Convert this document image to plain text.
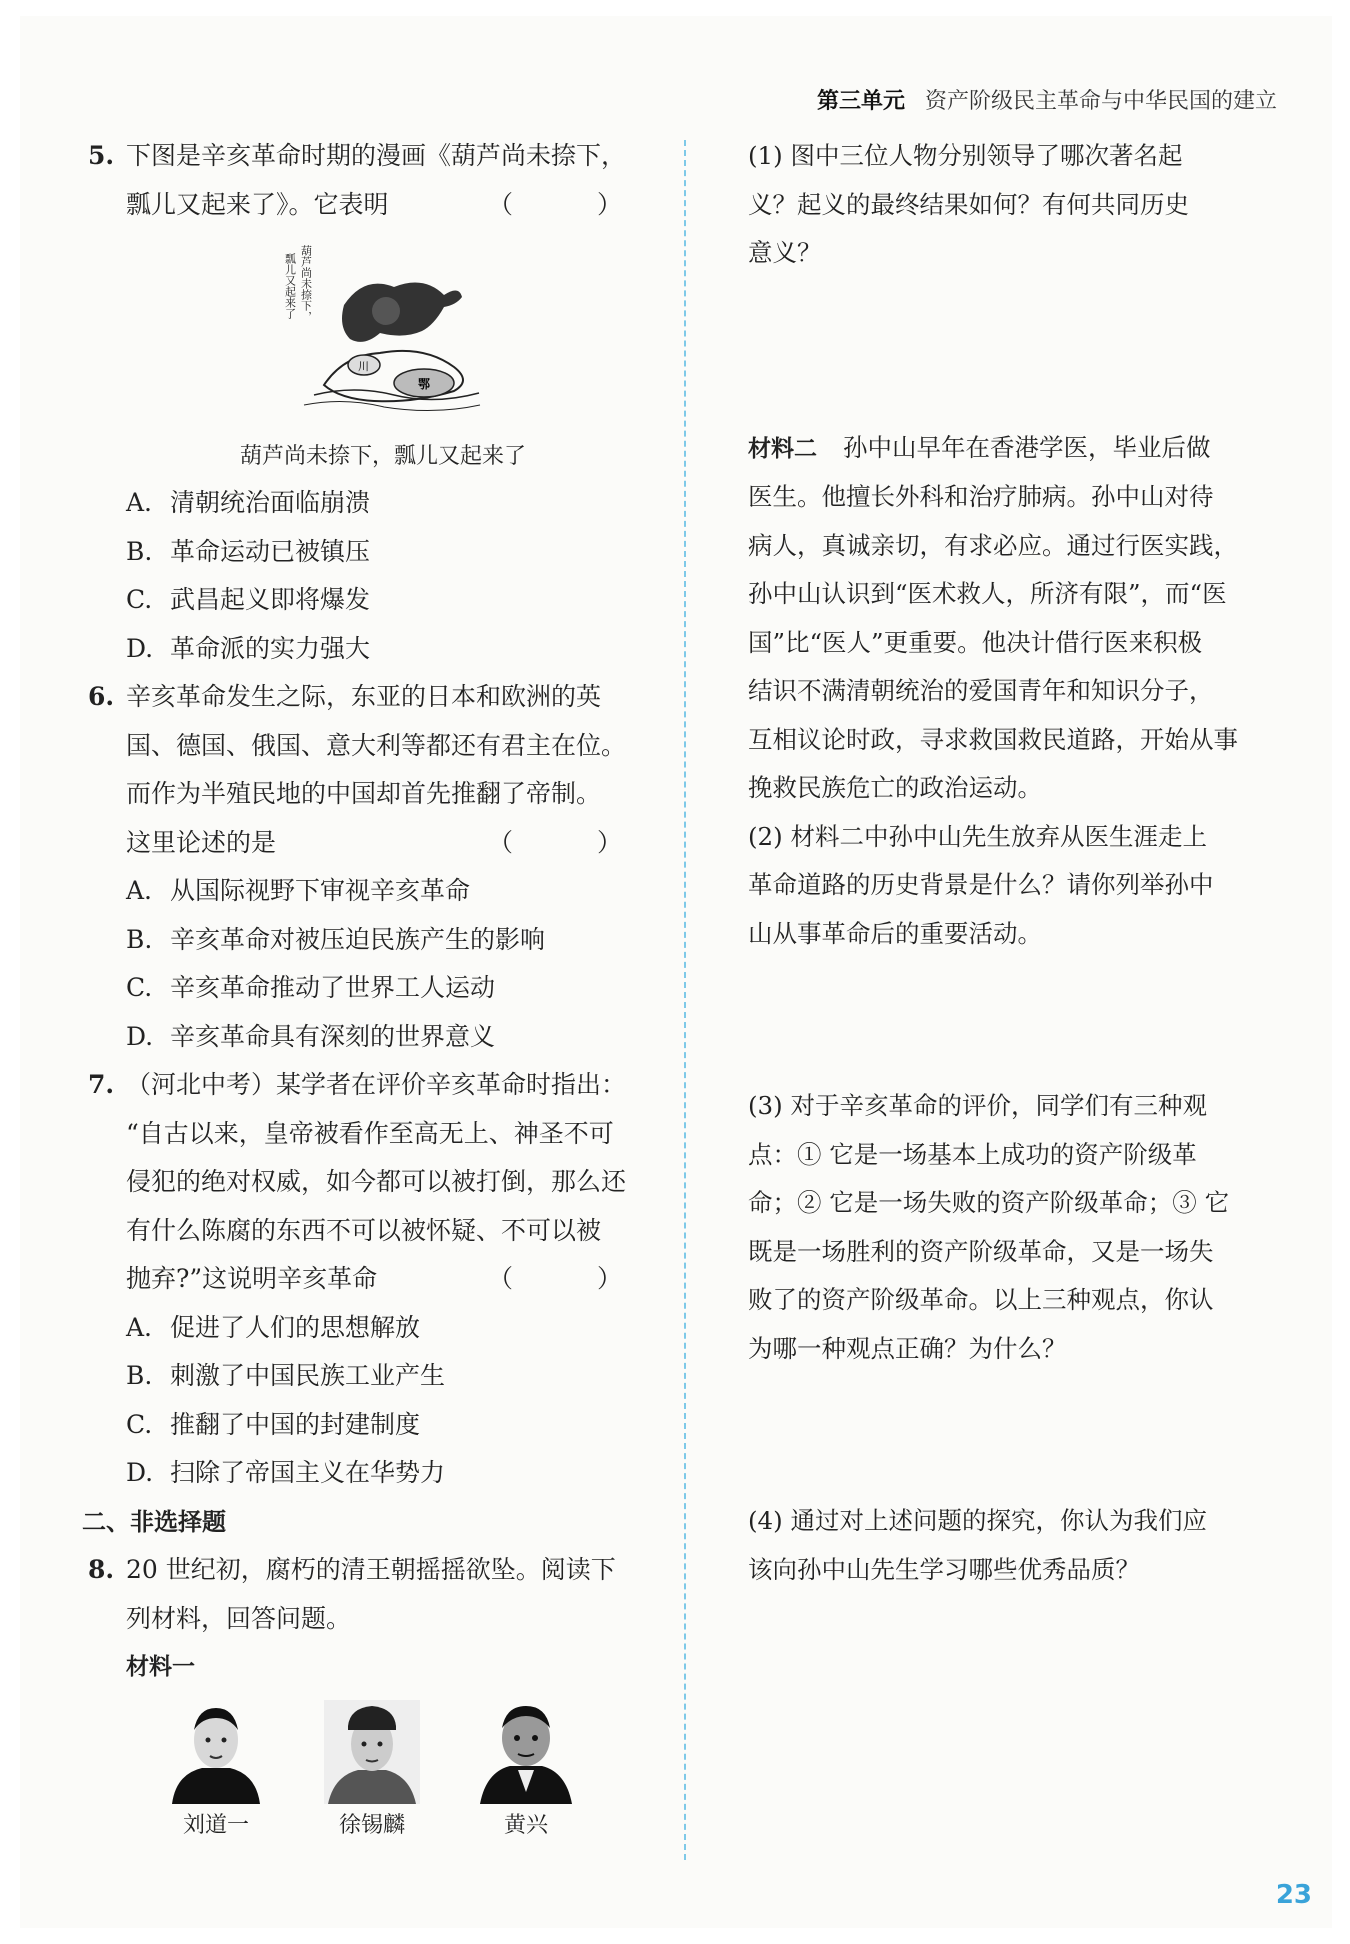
第三单元 资产阶级民主革命与中华民国的建立
5. 下图是辛亥革命时期的漫画《葫芦尚未捺下，
瓢儿又起来了》。它表明	（ ）
瓢儿又起来了 葫芦尚未捺下，
川
鄂
葫芦尚未捺下，瓢儿又起来了
A. 清朝统治面临崩溃
B. 革命运动已被镇压
C. 武昌起义即将爆发
D. 革命派的实力强大
6. 辛亥革命发生之际，东亚的日本和欧洲的英
国、德国、俄国、意大利等都还有君主在位。
而作为半殖民地的中国却首先推翻了帝制。
这里论述的是	（ ）
A. 从国际视野下审视辛亥革命
B. 辛亥革命对被压迫民族产生的影响
C. 辛亥革命推动了世界工人运动
D. 辛亥革命具有深刻的世界意义
7. （河北中考）某学者在评价辛亥革命时指出：
“自古以来，皇帝被看作至高无上、神圣不可
侵犯的绝对权威，如今都可以被打倒，那么还
有什么陈腐的东西不可以被怀疑、不可以被
抛弃?”这说明辛亥革命	（ ）
A. 促进了人们的思想解放
B. 刺激了中国民族工业产生
C. 推翻了中国的封建制度
D. 扫除了帝国主义在华势力
二、非选择题
8. 20 世纪初，腐朽的清王朝摇摇欲坠。阅读下
列材料，回答问题。
材料一
刘道一	徐锡麟	黄兴
(1) 图中三位人物分别领导了哪次著名起
义？起义的最终结果如何？有何共同历史
意义？
材料二 孙中山早年在香港学医，毕业后做
医生。他擅长外科和治疗肺病。孙中山对待
病人，真诚亲切，有求必应。通过行医实践，
孙中山认识到“医术救人，所济有限”，而“医
国”比“医人”更重要。他决计借行医来积极
结识不满清朝统治的爱国青年和知识分子，
互相议论时政，寻求救国救民道路，开始从事
挽救民族危亡的政治运动。
(2) 材料二中孙中山先生放弃从医生涯走上
革命道路的历史背景是什么？请你列举孙中
山从事革命后的重要活动。
(3) 对于辛亥革命的评价，同学们有三种观
点：① 它是一场基本上成功的资产阶级革
命；② 它是一场失败的资产阶级革命；③ 它
既是一场胜利的资产阶级革命，又是一场失
败了的资产阶级革命。以上三种观点，你认
为哪一种观点正确？为什么？
(4) 通过对上述问题的探究，你认为我们应
该向孙中山先生学习哪些优秀品质？
23
